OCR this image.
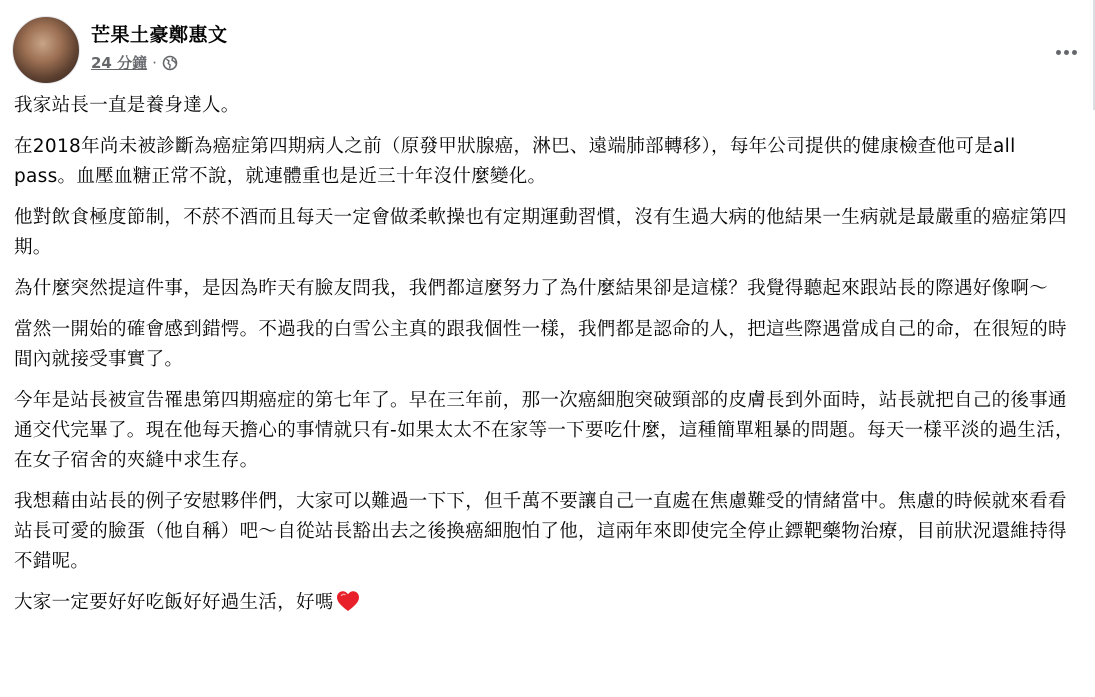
芒果土豪鄭惠文
24 分鐘 ·

我家站長一直是養身達人。

在2018年尚未被診斷為癌症第四期病人之前（原發甲狀腺癌，淋巴、遠端肺部轉移），每年公司提供的健康檢查他可是all pass。血壓血糖正常不說，就連體重也是近三十年沒什麼變化。

他對飲食極度節制，不菸不酒而且每天一定會做柔軟操也有定期運動習慣，沒有生過大病的他結果一生病就是最嚴重的癌症第四期。

為什麼突然提這件事，是因為昨天有臉友問我，我們都這麼努力了為什麼結果卻是這樣？我覺得聽起來跟站長的際遇好像啊～

當然一開始的確會感到錯愕。不過我的白雪公主真的跟我個性一樣，我們都是認命的人，把這些際遇當成自己的命，在很短的時間內就接受事實了。

今年是站長被宣告罹患第四期癌症的第七年了。早在三年前，那一次癌細胞突破頸部的皮膚長到外面時，站長就把自己的後事通通交代完畢了。現在他每天擔心的事情就只有-如果太太不在家等一下要吃什麼，這種簡單粗暴的問題。每天一樣平淡的過生活，在女子宿舍的夾縫中求生存。

我想藉由站長的例子安慰夥伴們，大家可以難過一下下，但千萬不要讓自己一直處在焦慮難受的情緒當中。焦慮的時候就來看看站長可愛的臉蛋（他自稱）吧～自從站長豁出去之後換癌細胞怕了他，這兩年來即使完全停止鏢靶藥物治療，目前狀況還維持得不錯呢。

大家一定要好好吃飯好好過生活，好嗎
